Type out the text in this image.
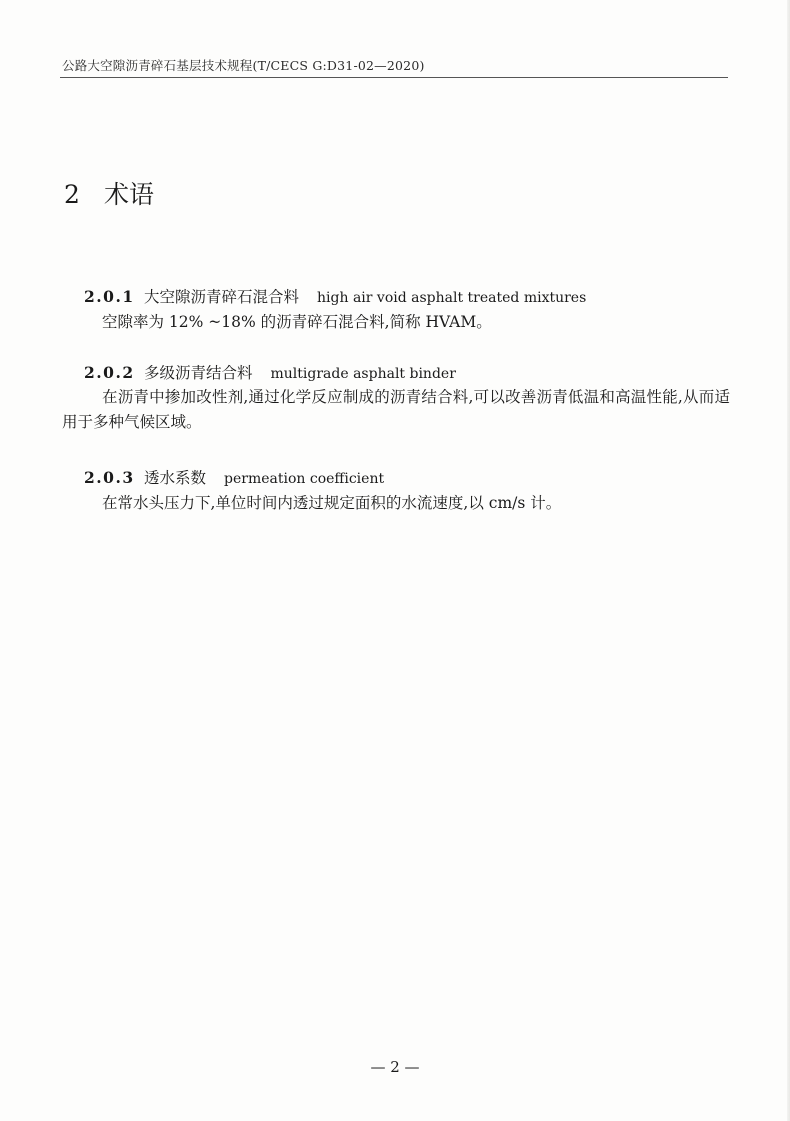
公路大空隙沥青碎石基层技术规程(T/CECS G:D31-02—2020)
2 术语
2.0.1 大空隙沥青碎石混合料 high air void asphalt treated mixtures
空隙率为 12% ~18% 的沥青碎石混合料,简称 HVAM。
2.0.2 多级沥青结合料 multigrade asphalt binder
在沥青中掺加改性剂,通过化学反应制成的沥青结合料,可以改善沥青低温和高温性能,从而适用于多种气候区域。
2.0.3 透水系数 permeation coefficient
在常水头压力下,单位时间内透过规定面积的水流速度,以 cm/s 计。
— 2 —
